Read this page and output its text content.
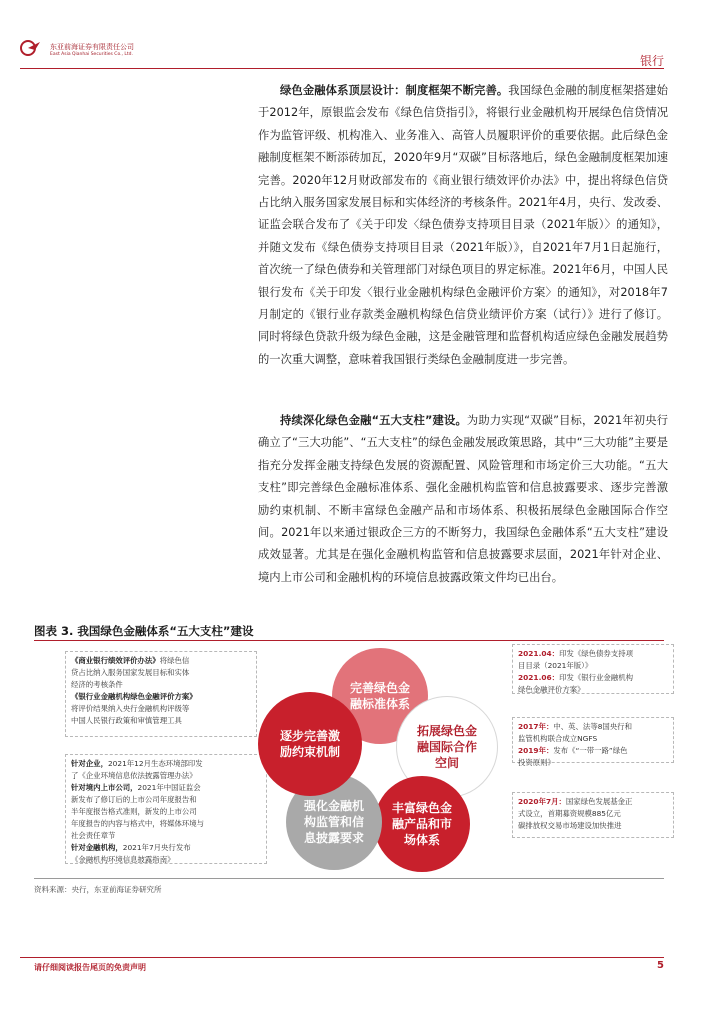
东亚前海证券有限责任公司
East Asia Qianhai Securities Co., Ltd.	银行

绿色金融体系顶层设计：制度框架不断完善。我国绿色金融的制度框架搭建始于2012年，原银监会发布《绿色信贷指引》，将银行业金融机构开展绿色信贷情况作为监管评级、机构准入、业务准入、高管人员履职评价的重要依据。此后绿色金融制度框架不断添砖加瓦，2020年9月“双碳”目标落地后，绿色金融制度框架加速完善。2020年12月财政部发布的《商业银行绩效评价办法》中，提出将绿色信贷占比纳入服务国家发展目标和实体经济的考核条件。2021年4月，央行、发改委、证监会联合发布了《关于印发〈绿色债券支持项目目录（2021年版）〉的通知》，并随文发布《绿色债券支持项目目录（2021年版）》，自2021年7月1日起施行，首次统一了绿色债券和关管理部门对绿色项目的界定标准。2021年6月，中国人民银行发布《关于印发〈银行业金融机构绿色金融评价方案〉的通知》，对2018年7月制定的《银行业存款类金融机构绿色信贷业绩评价方案（试行）》进行了修订。同时将绿色贷款升级为绿色金融，这是金融管理和监督机构适应绿色金融发展趋势的一次重大调整，意味着我国银行类绿色金融制度进一步完善。

持续深化绿色金融“五大支柱”建设。为助力实现“双碳”目标，2021年初央行确立了“三大功能”、“五大支柱”的绿色金融发展政策思路，其中“三大功能”主要是指充分发挥金融支持绿色发展的资源配置、风险管理和市场定价三大功能。“五大支柱”即完善绿色金融标准体系、强化金融机构监管和信息披露要求、逐步完善激励约束机制、不断丰富绿色金融产品和市场体系、积极拓展绿色金融国际合作空间。2021年以来通过银政企三方的不断努力，我国绿色金融体系“五大支柱”建设成效显著。尤其是在强化金融机构监管和信息披露要求层面，2021年针对企业、境内上市公司和金融机构的环境信息披露政策文件均已出台。

图表 3. 我国绿色金融体系“五大支柱”建设
《商业银行绩效评价办法》将绿色信
贷占比纳入服务国家发展目标和实体
经济的考核条件
《银行业金融机构绿色金融评价方案》
将评价结果纳入央行金融机构评级等
中国人民银行政策和审慎管理工具
针对企业，2021年12月生态环境部印发
了《企业环境信息依法披露管理办法》
针对境内上市公司，2021年中国证监会
新发布了修订后的上市公司年度报告和
半年度报告格式准则，新发的上市公司
年度报告的内容与格式中，将媒体环境与
社会责任章节
针对金融机构，2021年7月央行发布
《金融机构环境信息披露指南》
2021.04：印发《绿色债券支持项
目目录（2021年版）》
2021.06：印发《银行业金融机构
绿色金融评价方案》
2017年：中、英、法等8国央行和
监管机构联合成立NGFS
2019年：发布《“一带一路”绿色
投资原则》
2020年7月：国家绿色发展基金正
式设立，首期募资规模885亿元
碳排放权交易市场建设加快推进
完善绿色金融标准体系
拓展绿色金融国际合作空间
丰富绿色金融产品和市场体系
强化金融机构监管和信息披露要求
逐步完善激励约束机制
资料来源：央行，东亚前海证券研究所
请仔细阅读报告尾页的免责声明	5
